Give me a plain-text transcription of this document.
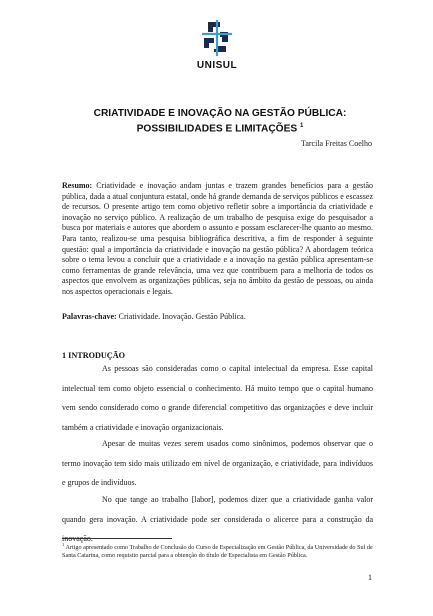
UNISUL
CRIATIVIDADE E INOVAÇÃO NA GESTÃO PÚBLICA:
POSSIBILIDADES E LIMITAÇÕES $^1$
Tarcila Freitas Coelho
Resumo: Criatividade e inovação andam juntas e trazem grandes benefícios para a gestão pública, dada a atual conjuntura estatal, onde há grande demanda de serviços públicos e escassez de recursos. O presente artigo tem como objetivo refletir sobre a importância da criatividade e inovação no serviço público. A realização de um trabalho de pesquisa exige do pesquisador a busca por materiais e autores que abordem o assunto e possam esclarecer-lhe quanto ao mesmo. Para tanto, realizou-se uma pesquisa bibliográfica descritiva, a fim de responder à seguinte questão: qual a importância da criatividade e inovação na gestão pública? A abordagem teórica sobre o tema levou a concluir que a criatividade e a inovação na gestão pública apresentam-se como ferramentas de grande relevância, uma vez que contribuem para a melhoria de todos os aspectos que envolvem as organizações públicas, seja no âmbito da gestão de pessoas, ou ainda nos aspectos operacionais e legais.
Palavras-chave: Criatividade. Inovação. Gestão Pública.
1 INTRODUÇÃO
As pessoas são consideradas como o capital intelectual da empresa. Esse capital intelectual tem como objeto essencial o conhecimento. Há muito tempo que o capital humano vem sendo considerado como o grande diferencial competitivo das organizações e deve incluir também a criatividade e inovação organizacionais.
Apesar de muitas vezes serem usados como sinônimos, podemos observar que o termo inovação tem sido mais utilizado em nível de organização, e criatividade, para indivíduos e grupos de indivíduos.
No que tange ao trabalho [labor], podemos dizer que a criatividade ganha valor quando gera inovação. A criatividade pode ser considerada o alicerce para a construção da inovação.
$^1$ Artigo apresentado como Trabalho de Conclusão do Curso de Especialização em Gestão Pública, da Universidade do Sul de Santa Catarina, como requisito parcial para a obtenção do título de Especialista em Gestão Pública.
1
